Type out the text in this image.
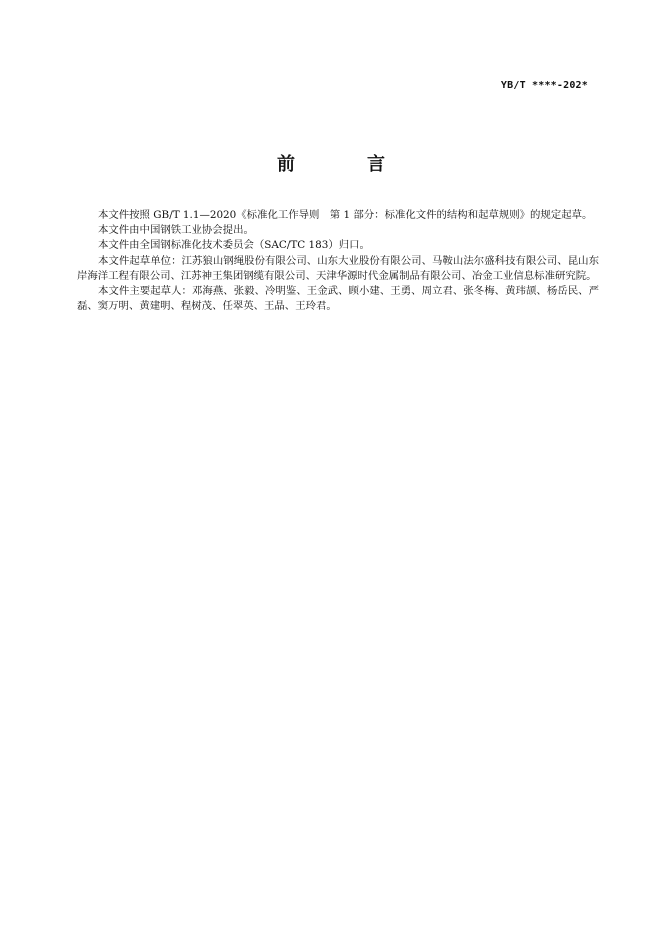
YB/T ****-202*
前言

本文件按照 GB/T 1.1—2020《标准化工作导则　第 1 部分：标准化文件的结构和起草规则》的规定起草。

本文件由中国钢铁工业协会提出。

本文件由全国钢标准化技术委员会（SAC/TC 183）归口。

本文件起草单位：江苏狼山钢绳股份有限公司、山东大业股份有限公司、马鞍山法尔盛科技有限公司、昆山东岸海洋工程有限公司、江苏神王集团钢缆有限公司、天津华源时代金属制品有限公司、冶金工业信息标准研究院。

本文件主要起草人：邓海燕、张毅、冷明鉴、王金武、顾小建、王勇、周立君、张冬梅、黄玮颉、杨岳民、严磊、窦万明、黄建明、程树茂、任翠英、王晶、王玲君。
